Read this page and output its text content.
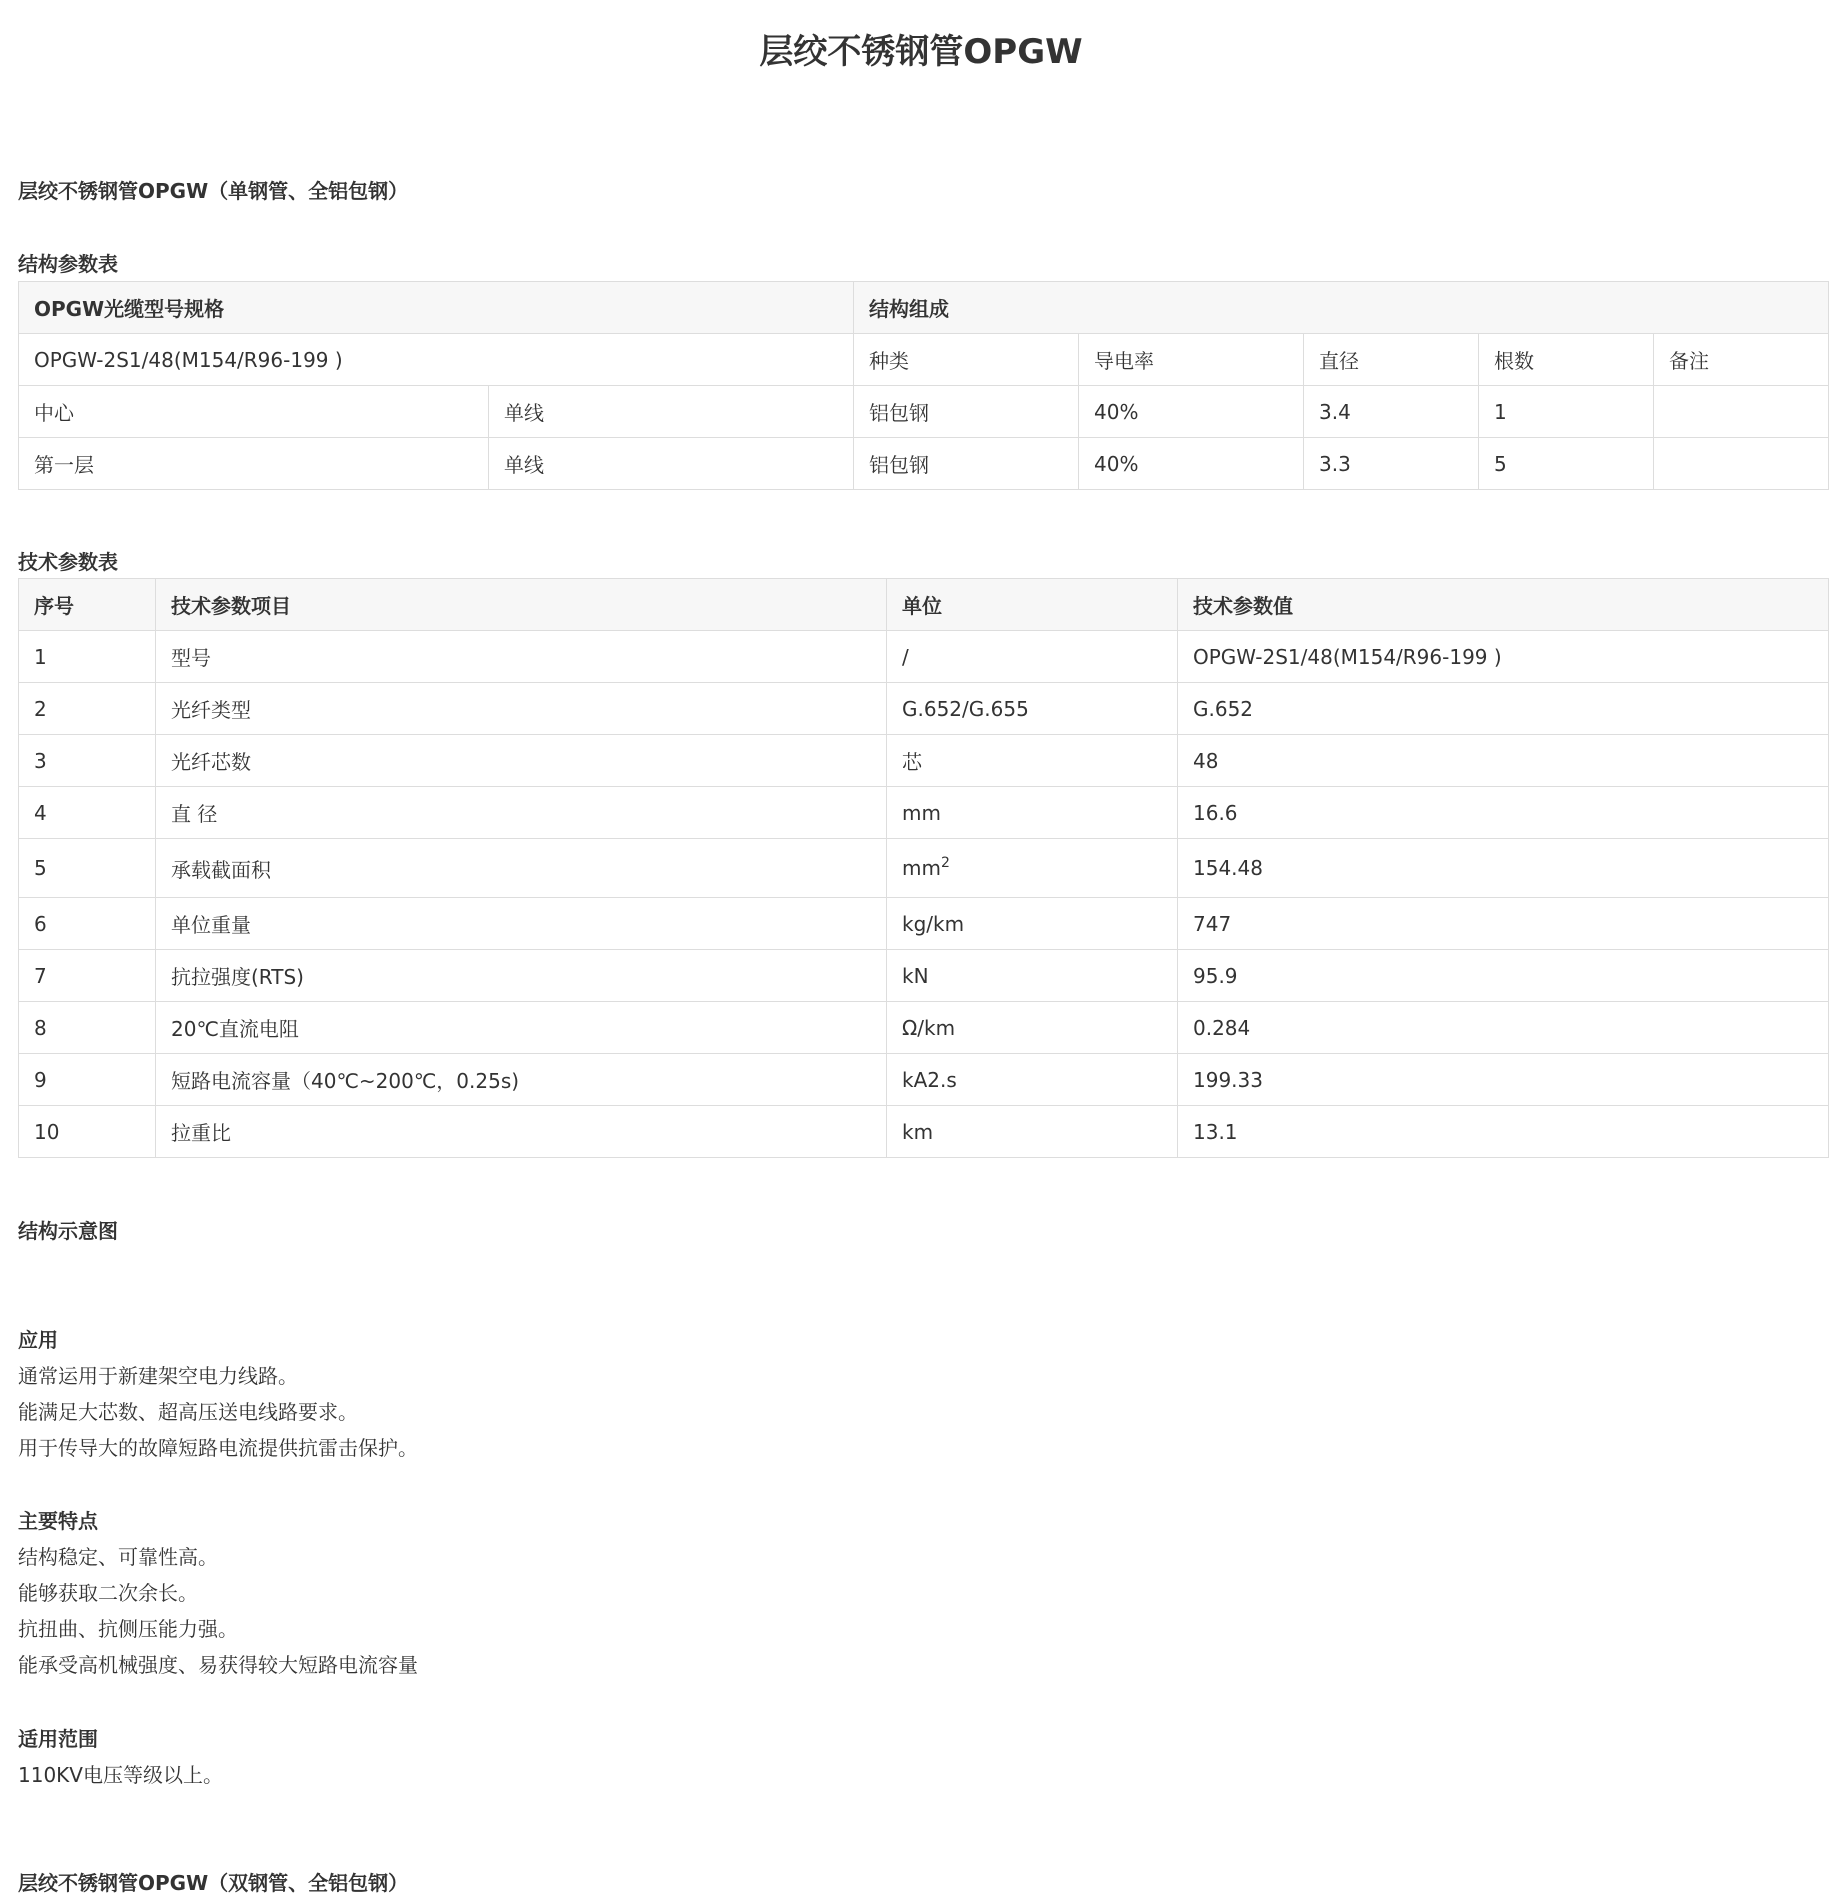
层绞不锈钢管OPGW
层绞不锈钢管OPGW（单钢管、全铝包钢）
结构参数表
OPGW光缆型号规格		结构组成				
OPGW-2S1/48(M154/R96-199 )		种类	导电率	直径	根数	备注
中心	单线	铝包钢	40%	3.4	1	
第一层	单线	铝包钢	40%	3.3	5	
技术参数表
序号	技术参数项目	单位	技术参数值
1	型号	/	OPGW-2S1/48(M154/R96-199 )
2	光纤类型	G.652/G.655	G.652
3	光纤芯数	芯	48
4	直 径	mm	16.6
5	承载截面积	$mm^2$	154.48
6	单位重量	kg/km	747
7	抗拉强度(RTS)	kN	95.9
8	20℃直流电阻	Ω/km	0.284
9	短路电流容量（40℃~200℃，0.25s)	kA2.s	199.33
10	拉重比	km	13.1
结构示意图
应用
通常运用于新建架空电力线路。
能满足大芯数、超高压送电线路要求。
用于传导大的故障短路电流提供抗雷击保护。
主要特点
结构稳定、可靠性高。
能够获取二次余长。
抗扭曲、抗侧压能力强。
能承受高机械强度、易获得较大短路电流容量
适用范围
110KV电压等级以上。
层绞不锈钢管OPGW（双钢管、全铝包钢）
